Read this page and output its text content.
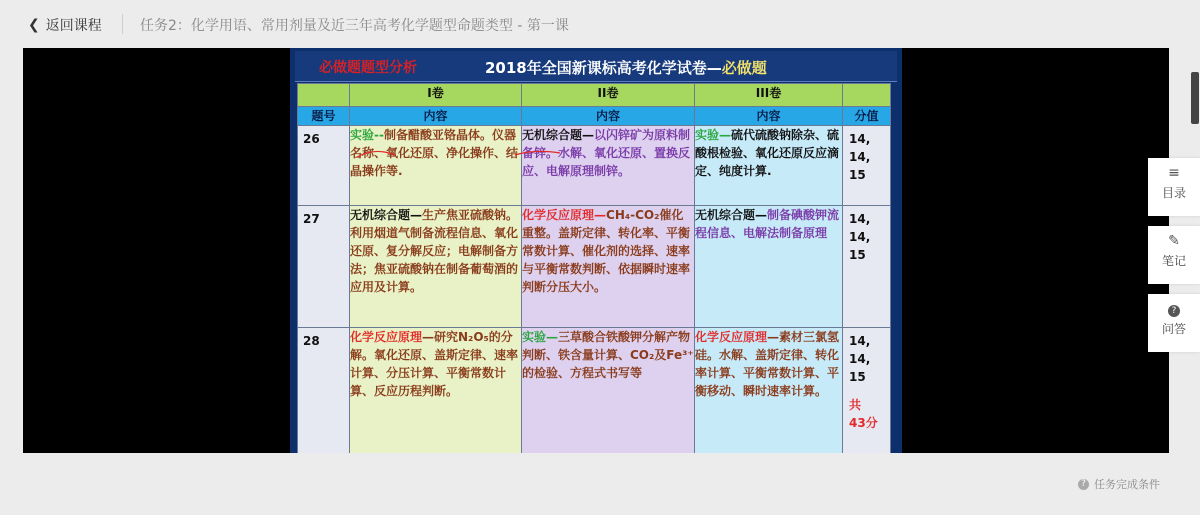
❮ 返回课程	任务2：化学用语、常用剂量及近三年高考化学题型命题类型 - 第一课
必做题题型分析	2018年全国新课标高考化学试卷—必做题
	I卷	II卷	III卷	
题号	内容	内容	内容	分值
26	实验--制备醋酸亚铬晶体。仪器名称、氧化还原、净化操作、结晶操作等.	无机综合题—以闪锌矿为原料制备锌。水解、氧化还原、置换反应、电解原理制锌。	实验—硫代硫酸钠除杂、硫酸根检验、氧化还原反应滴定、纯度计算.	14,
14,
15

27	无机综合题—生产焦亚硫酸钠。利用烟道气制备流程信息、氧化还原、复分解反应；电解制备方法；焦亚硫酸钠在制备葡萄酒的应用及计算。	化学反应原理—CH₄-CO₂催化重整。盖斯定律、转化率、平衡常数计算、催化剂的选择、速率与平衡常数判断、依据瞬时速率判断分压大小。	无机综合题—制备碘酸钾流程信息、电解法制备原理	14,
14,
15

28	化学反应原理—研究N₂O₅的分解。氧化还原、盖斯定律、速率计算、分压计算、平衡常数计算、反应历程判断。	实验—三草酸合铁酸钾分解产物判断、铁含量计算、CO₂及Fe³⁺的检验、方程式书写等	化学反应原理—素材三氯氢硅。水解、盖斯定律、转化率计算、平衡常数计算、平衡移动、瞬时速率计算。	14,
14,
15
共
43分
≡
目录
✎
笔记
?
问答
? 任务完成条件
